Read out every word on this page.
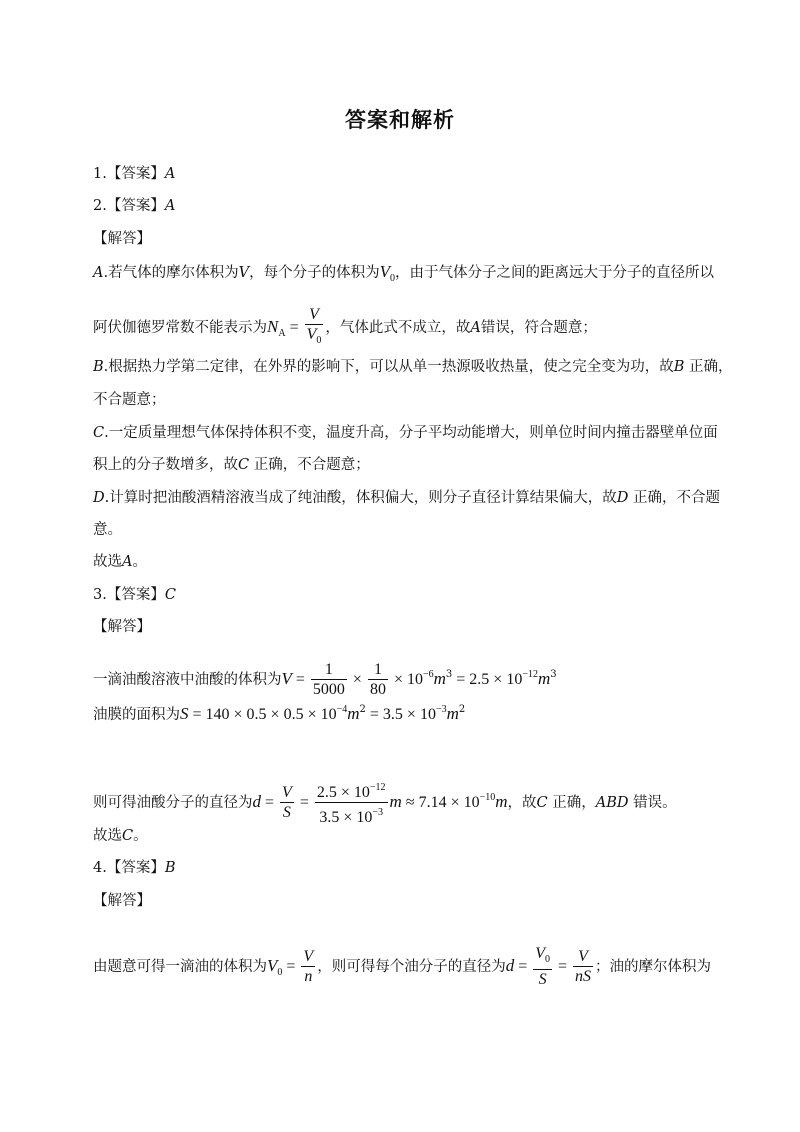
答案和解析
1.【答案】A
2.【答案】A
【解答】
A.若气体的摩尔体积为V，每个分子的体积为$V_0$，由于气体分子之间的距离远大于分子的直径所以
阿伏伽德罗常数不能表示为$N_A = \frac{V}{V_0}$ ，气体此式不成立，故A错误，符合题意；
B.根据热力学第二定律，在外界的影响下，可以从单一热源吸收热量，使之完全变为功，故B 正确，
不合题意；
C.一定质量理想气体保持体积不变，温度升高，分子平均动能增大，则单位时间内撞击器壁单位面
积上的分子数增多，故C 正确，不合题意；
D.计算时把油酸酒精溶液当成了纯油酸，体积偏大，则分子直径计算结果偏大，故D 正确，不合题
意。
故选A。
3.【答案】C
【解答】
一滴油酸溶液中油酸的体积为$V = \frac{1}{5000} \times \frac{1}{80} \times 10^{-6}m^3 = 2.5 \times 10^{-12}m^3$
油膜的面积为$S = 140 \times 0.5 \times 0.5 \times 10^{-4}m^2 = 3.5 \times 10^{-3}m^2$
则可得油酸分子的直径为$d = \frac{V}{S} = \frac{2.5 \times 10^{-12}}{3.5 \times 10^{-3}}$ $m \approx 7.14 \times 10^{-10}m$，故C 正确，ABD 错误。
故选C。
4.【答案】B
【解答】
由题意可得一滴油的体积为$V_0 = \frac{V}{n}$ ，则可得每个油分子的直径为$d = \frac{V_0}{S} = \frac{V}{nS}$ ；油的摩尔体积为
